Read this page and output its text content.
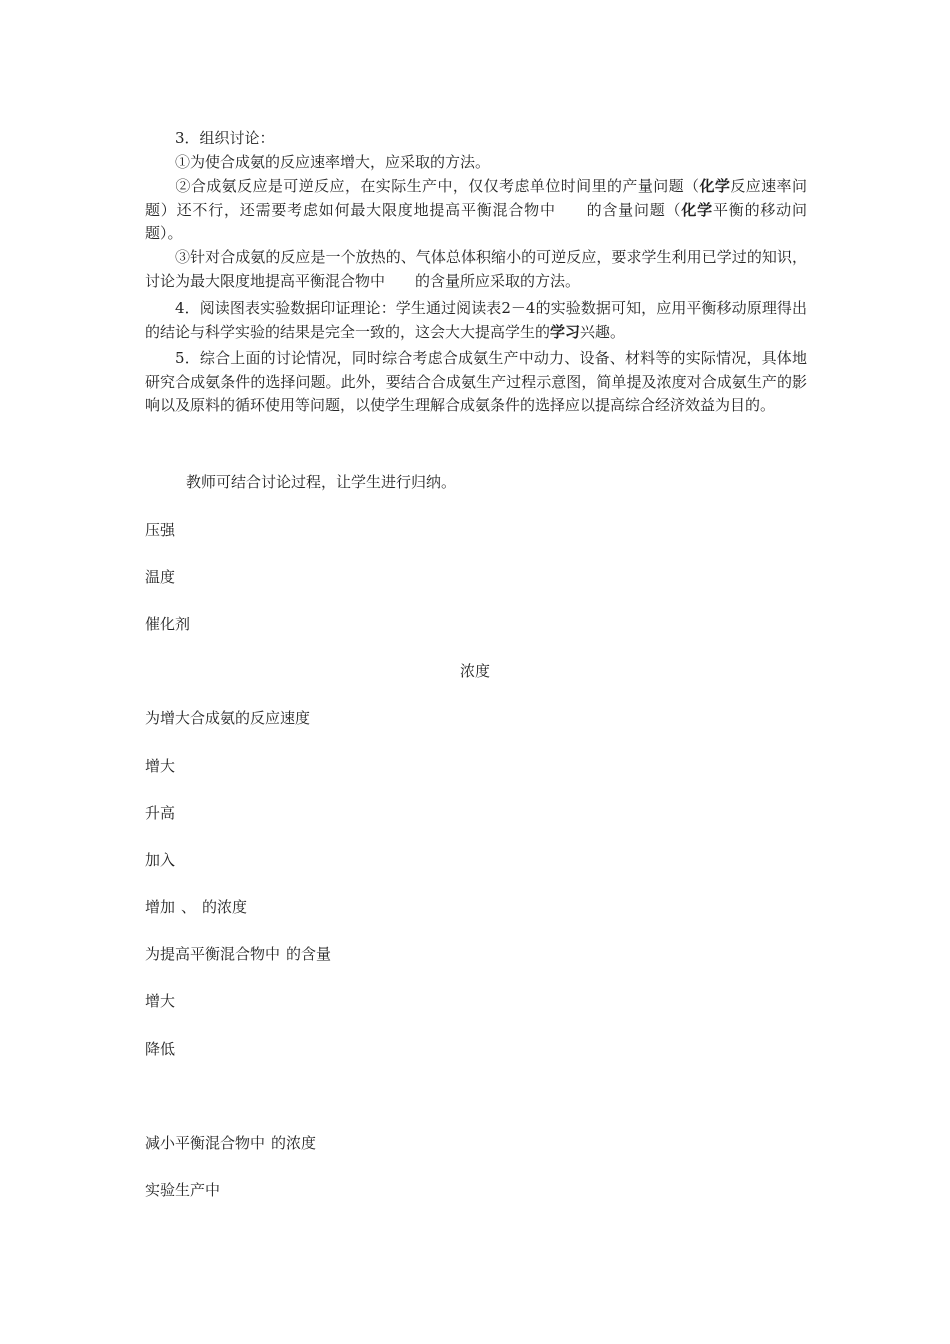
3．组织讨论：

①为使合成氨的反应速率增大，应采取的方法。

②合成氨反应是可逆反应，在实际生产中，仅仅考虑单位时间里的产量问题（化学反应速率问题）还不行，还需要考虑如何最大限度地提高平衡混合物中 的含量问题（化学平衡的移动问题）。

③针对合成氨的反应是一个放热的、气体总体积缩小的可逆反应，要求学生利用已学过的知识，讨论为最大限度地提高平衡混合物中 的含量所应采取的方法。

4．阅读图表实验数据印证理论：学生通过阅读表2－4的实验数据可知，应用平衡移动原理得出的结论与科学实验的结果是完全一致的，这会大大提高学生的学习兴趣。

5．综合上面的讨论情况，同时综合考虑合成氨生产中动力、设备、材料等的实际情况，具体地研究合成氨条件的选择问题。此外，要结合合成氨生产过程示意图，简单提及浓度对合成氨生产的影响以及原料的循环使用等问题，以使学生理解合成氨条件的选择应以提高综合经济效益为目的。

教师可结合讨论过程，让学生进行归纳。

压强

温度

催化剂

浓度

为增大合成氨的反应速度

增大

升高

加入

增加 、 的浓度

为提高平衡混合物中 的含量

增大

降低

减小平衡混合物中 的浓度

实验生产中
